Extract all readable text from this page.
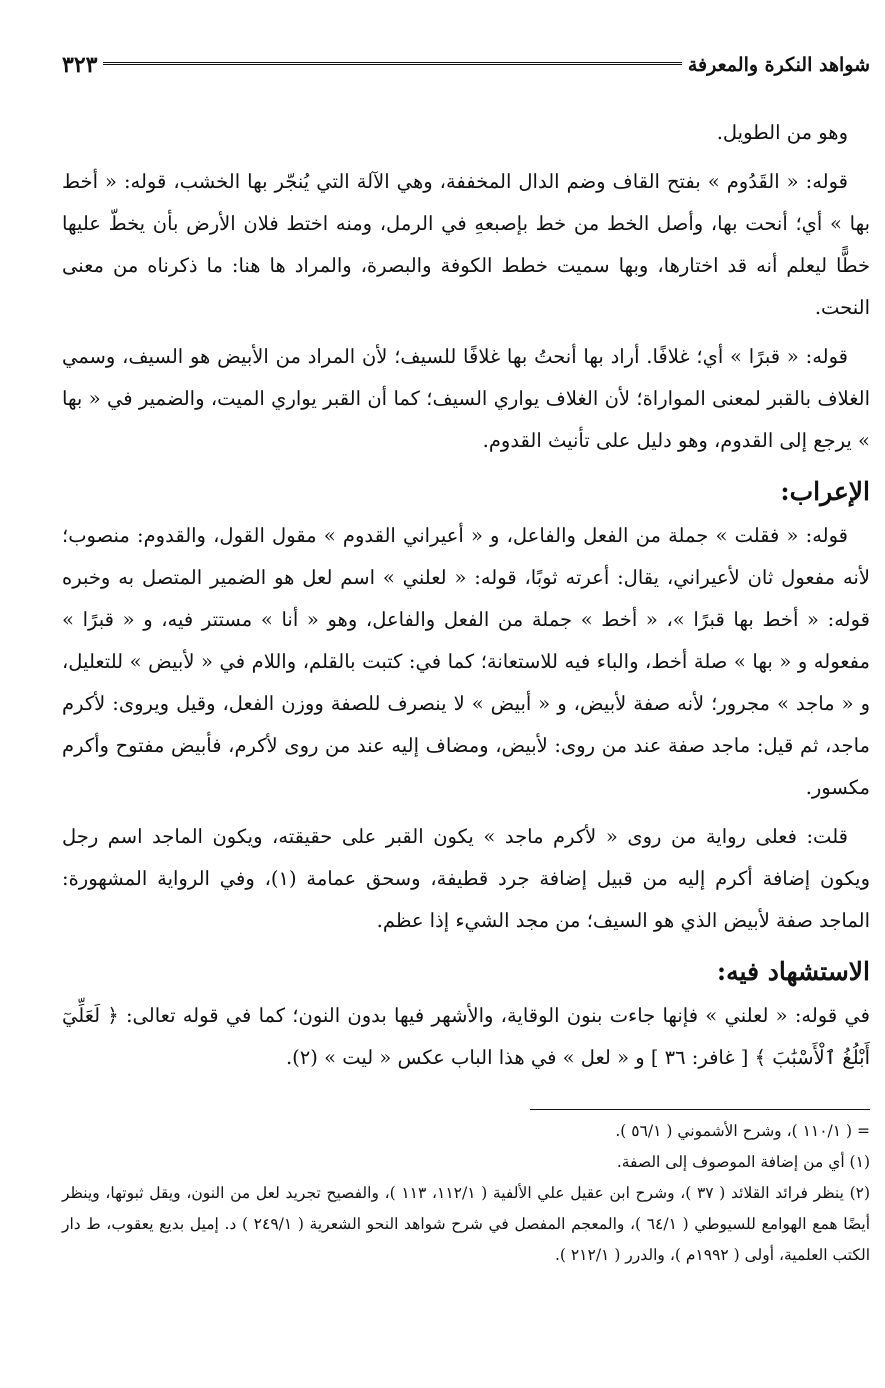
شواهد النكرة والمعرفة
٣٢٣

وهو من الطويل.

قوله: « القَدُوم » بفتح القاف وضم الدال المخففة، وهي الآلة التي يُنجّر بها الخشب، قوله: « أخط بها » أي؛ أنحت بها، وأصل الخط من خط بإصبعهِ في الرمل، ومنه اختط فلان الأرض بأن يخطّ عليها خطًّا ليعلم أنه قد اختارها، وبها سميت خطط الكوفة والبصرة، والمراد ها هنا: ما ذكرناه من معنى النحت.

قوله: « قبرًا » أي؛ غلافًا. أراد بها أنحتُ بها غلافًا للسيف؛ لأن المراد من الأبيض هو السيف، وسمي الغلاف بالقبر لمعنى المواراة؛ لأن الغلاف يواري السيف؛ كما أن القبر يواري الميت، والضمير في « بها » يرجع إلى القدوم، وهو دليل على تأنيث القدوم.

الإعراب:

قوله: « فقلت » جملة من الفعل والفاعل، و « أعيراني القدوم » مقول القول، والقدوم: منصوب؛ لأنه مفعول ثان لأعيراني، يقال: أعرته ثوبًا، قوله: « لعلني » اسم لعل هو الضمير المتصل به وخبره قوله: « أخط بها قبرًا »، « أخط » جملة من الفعل والفاعل، وهو « أنا » مستتر فيه، و « قبرًا » مفعوله و « بها » صلة أخط، والباء فيه للاستعانة؛ كما في: كتبت بالقلم، واللام في « لأبيض » للتعليل، و « ماجد » مجرور؛ لأنه صفة لأبيض، و « أبيض » لا ينصرف للصفة ووزن الفعل، وقيل ويروى: لأكرم ماجد، ثم قيل: ماجد صفة عند من روى: لأبيض، ومضاف إليه عند من روى لأكرم، فأبيض مفتوح وأكرم مكسور.

قلت: فعلى رواية من روى « لأكرم ماجد » يكون القبر على حقيقته، ويكون الماجد اسم رجل ويكون إضافة أكرم إليه من قبيل إضافة جرد قطيفة، وسحق عمامة (١)، وفي الرواية المشهورة: الماجد صفة لأبيض الذي هو السيف؛ من مجد الشيء إذا عظم.

الاستشهاد فيه:

في قوله: « لعلني » فإنها جاءت بنون الوقاية، والأشهر فيها بدون النون؛ كما في قوله تعالى: ﴿ لَعَلِّيٓ أَبْلُغُ ٱلْأَسْبَٰبَ ﴾ [ غافر: ٣٦ ] و « لعل » في هذا الباب عكس « ليت » (٢).

= ( ١١٠/١ )، وشرح الأشموني ( ٥٦/١ ).

(١) أي من إضافة الموصوف إلى الصفة.

(٢) ينظر فرائد القلائد ( ٣٧ )، وشرح ابن عقيل علي الألفية ( ١١٢/١، ١١٣ )، والفصيح تجريد لعل من النون، ويقل ثبوتها، وينظر أيضًا همع الهوامع للسيوطي ( ٦٤/١ )، والمعجم المفصل في شرح شواهد النحو الشعرية ( ٢٤٩/١ ) د. إميل بديع يعقوب، ط دار الكتب العلمية، أولى ( ١٩٩٢م )، والدرر ( ٢١٢/١ ).
